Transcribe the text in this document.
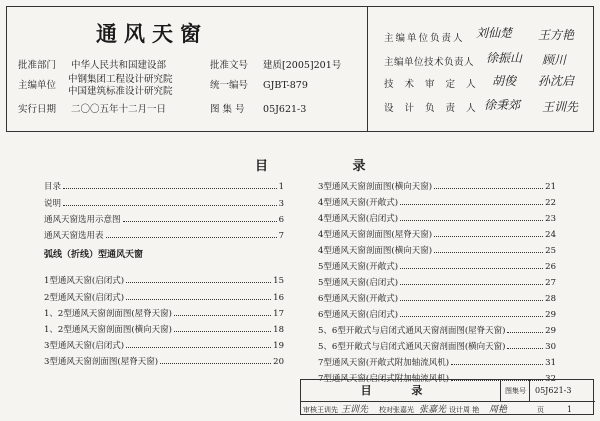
通风天窗
批准部门 中华人民共和国建设部
主编单位
中钢集团工程设计研究院
中国建筑标准设计研究院
实行日期 二〇〇五年十二月一日
批准文号 建质[2005]201号
统一编号 GJBT-879
图 集 号 05J621-3
主编单位负责人 刘仙楚 王方艳
主编单位技术负责人 徐振山 顾川
技 术 审 定 人 胡俊 孙沈启
设 计 负 责 人 徐秉郊 王训先
目 录
目录	1
说明	3
通风天窗选用示意图	6
通风天窗选用表	7
弧线（折线）型通风天窗
1型通风天窗(启闭式)	15
2型通风天窗(启闭式)	16
1、2型通风天窗剖面图(屋脊天窗)	17
1、2型通风天窗剖面图(横向天窗)	18
3型通风天窗(启闭式)	19
3型通风天窗剖面图(屋脊天窗)	20
3型通风天窗剖面图(横向天窗)	21
4型通风天窗(开敞式)	22
4型通风天窗(启闭式)	23
4型通风天窗剖面图(屋脊天窗)	24
4型通风天窗剖面图(横向天窗)	25
5型通风天窗(开敞式)	26
5型通风天窗(启闭式)	27
6型通风天窗(开敞式)	28
6型通风天窗(启闭式)	29
5、6型开敞式与启闭式通风天窗剖面图(屋脊天窗)	29
5、6型开敞式与启闭式通风天窗剖面图(横向天窗)	30
7型通风天窗(开敞式附加轴流风机)	31
7型通风天窗(启闭式附加轴流风机)	32
目 录	图集号 05J621-3
审核 王训先 王训先 校对 张嘉光 张嘉光 设计 周 艳 周艳	页	1
